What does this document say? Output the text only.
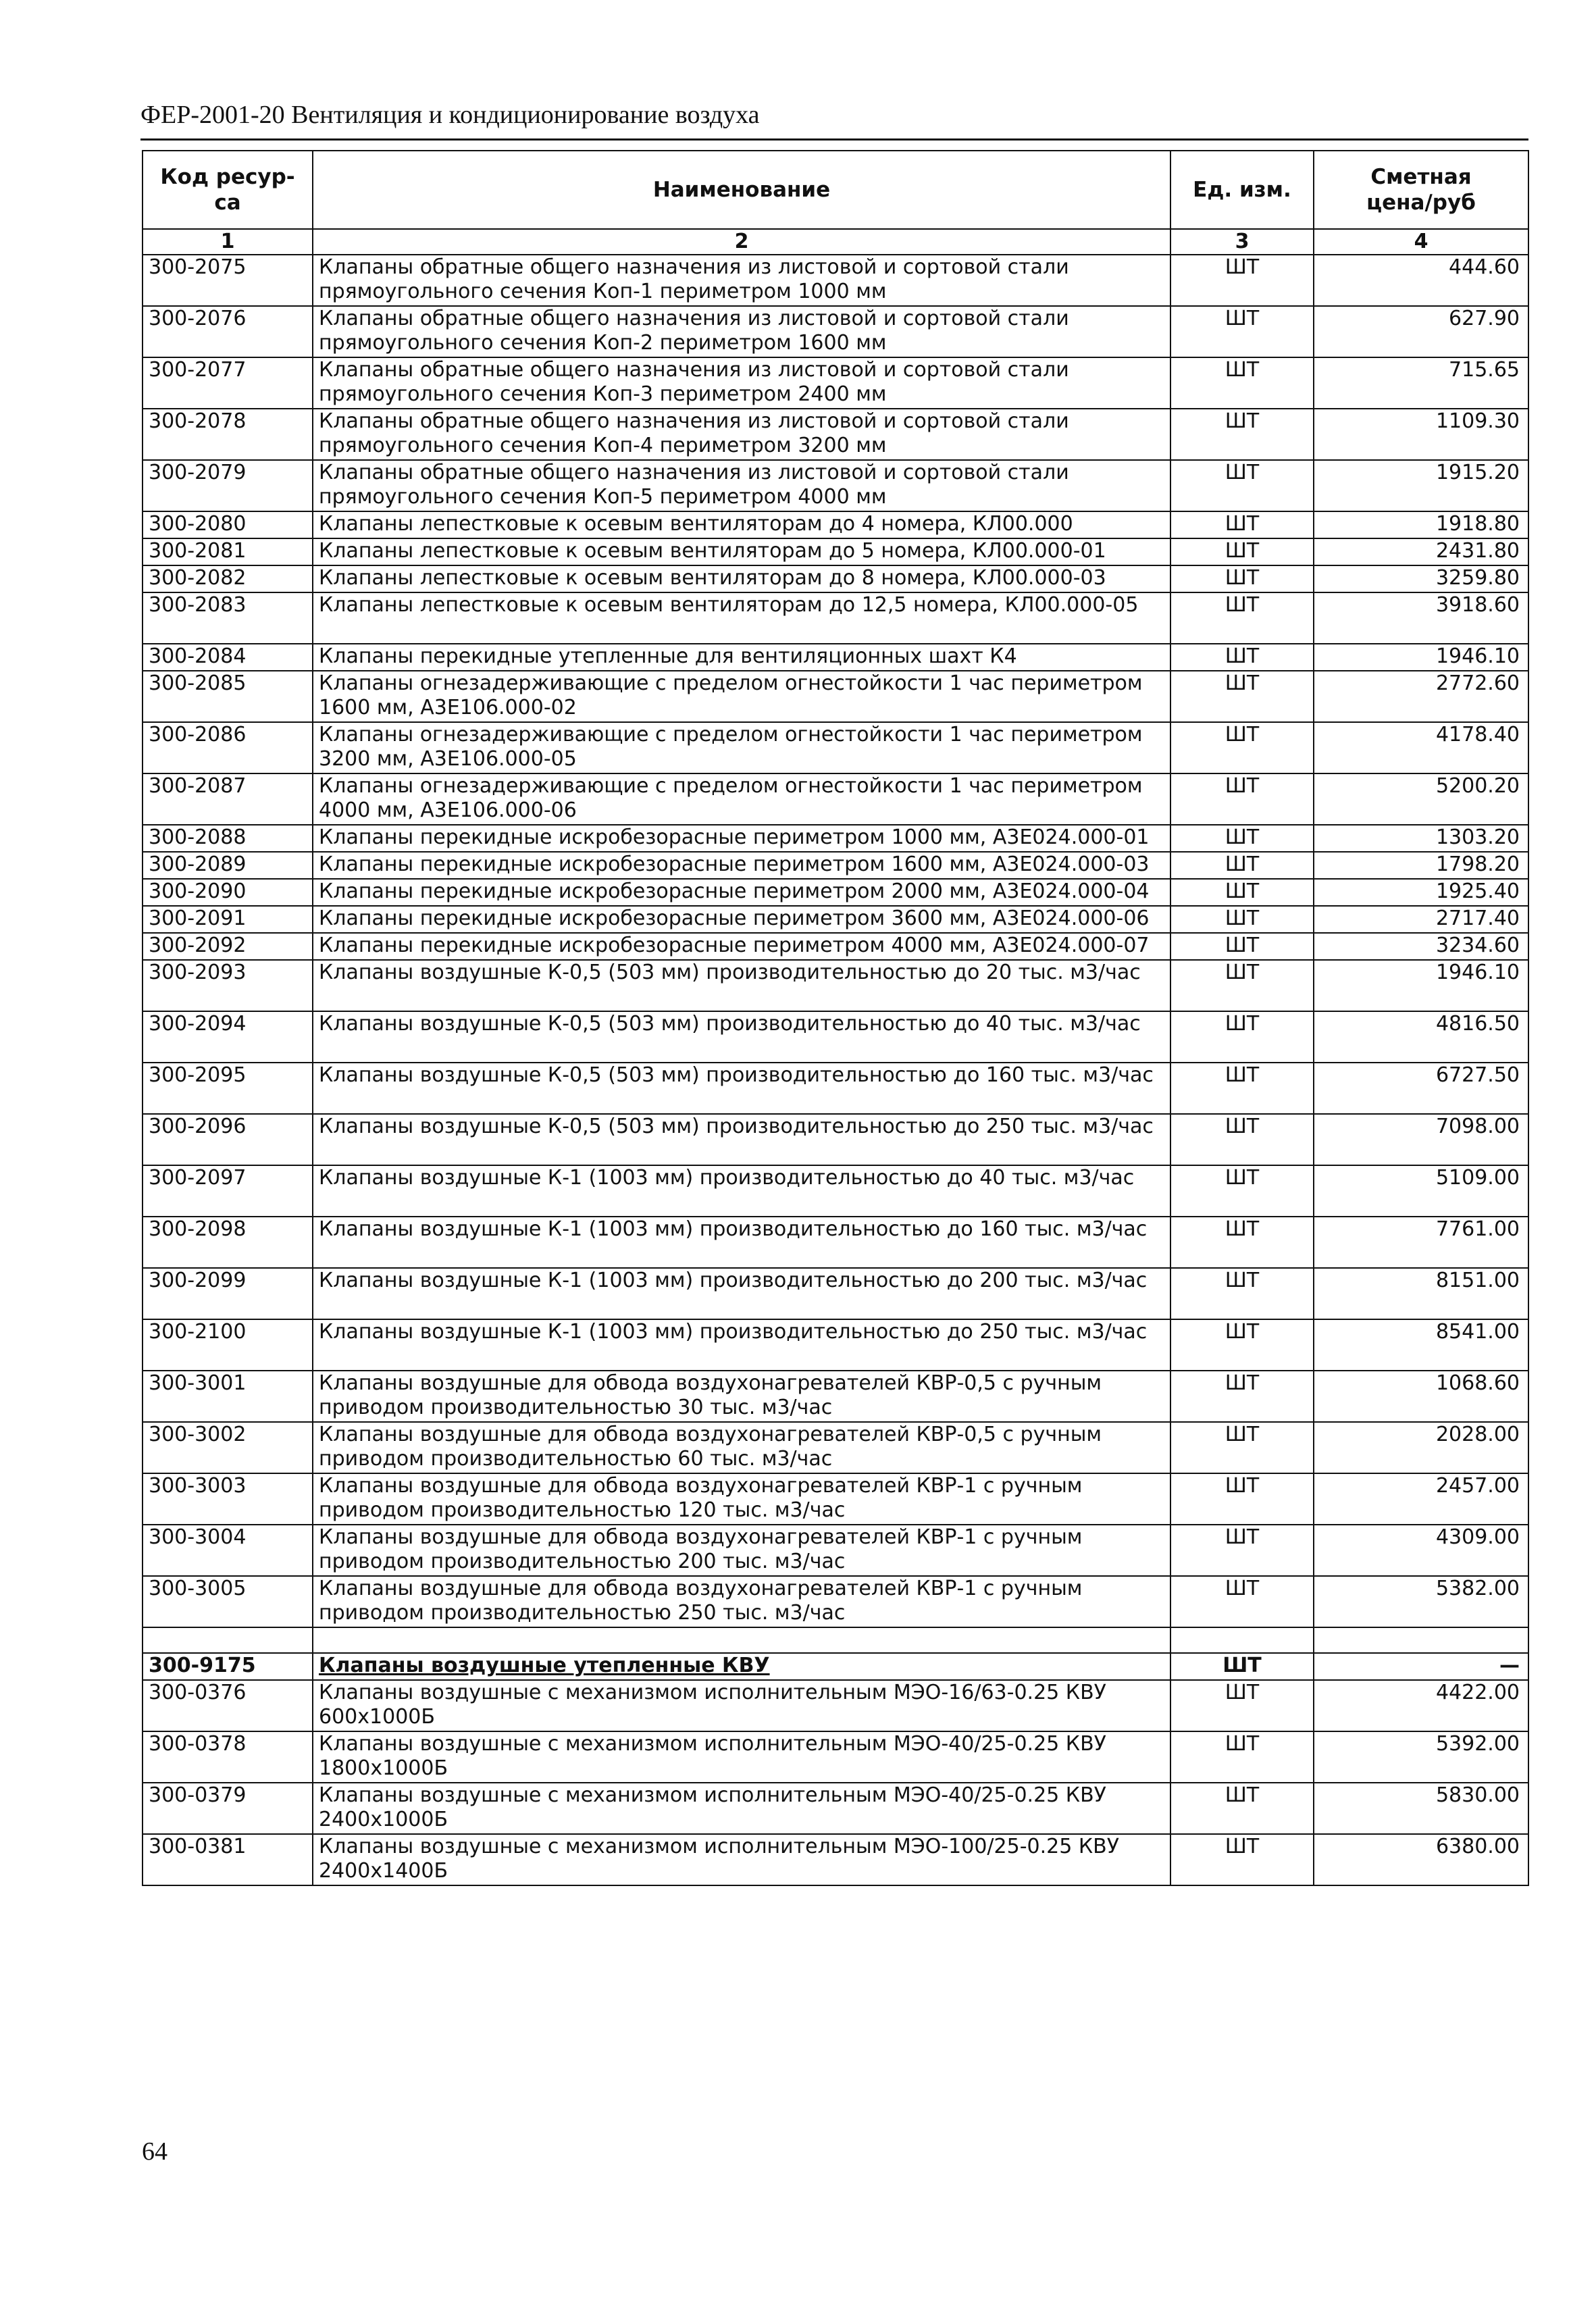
ФЕР-2001-20 Вентиляция и кондиционирование воздуха
Код ресур-
са	Наименование	Ед. изм.	Сметная
цена/руб
1	2	3	4
300-2075	Клапаны обратные общего назначения из листовой и сортовой стали прямоугольного сечения Коп-1 периметром 1000 мм	ШТ	444.60
300-2076	Клапаны обратные общего назначения из листовой и сортовой стали прямоугольного сечения Коп-2 периметром 1600 мм	ШТ	627.90
300-2077	Клапаны обратные общего назначения из листовой и сортовой стали прямоугольного сечения Коп-3 периметром 2400 мм	ШТ	715.65
300-2078	Клапаны обратные общего назначения из листовой и сортовой стали прямоугольного сечения Коп-4 периметром 3200 мм	ШТ	1109.30
300-2079	Клапаны обратные общего назначения из листовой и сортовой стали прямоугольного сечения Коп-5 периметром 4000 мм	ШТ	1915.20
300-2080	Клапаны лепестковые к осевым вентиляторам до 4 номера, КЛ00.000	ШТ	1918.80
300-2081	Клапаны лепестковые к осевым вентиляторам до 5 номера, КЛ00.000-01	ШТ	2431.80
300-2082	Клапаны лепестковые к осевым вентиляторам до 8 номера, КЛ00.000-03	ШТ	3259.80
300-2083	Клапаны лепестковые к осевым вентиляторам до 12,5 номера, КЛ00.000-05	ШТ	3918.60
300-2084	Клапаны перекидные утепленные для вентиляционных шахт К4	ШТ	1946.10
300-2085	Клапаны огнезадерживающие с пределом огнестойкости 1 час периметром 1600 мм, А3Е106.000-02	ШТ	2772.60
300-2086	Клапаны огнезадерживающие с пределом огнестойкости 1 час периметром 3200 мм, А3Е106.000-05	ШТ	4178.40
300-2087	Клапаны огнезадерживающие с пределом огнестойкости 1 час периметром 4000 мм, А3Е106.000-06	ШТ	5200.20
300-2088	Клапаны перекидные искробезорасные периметром 1000 мм, А3Е024.000-01	ШТ	1303.20
300-2089	Клапаны перекидные искробезорасные периметром 1600 мм, А3Е024.000-03	ШТ	1798.20
300-2090	Клапаны перекидные искробезорасные периметром 2000 мм, А3Е024.000-04	ШТ	1925.40
300-2091	Клапаны перекидные искробезорасные периметром 3600 мм, А3Е024.000-06	ШТ	2717.40
300-2092	Клапаны перекидные искробезорасные периметром 4000 мм, А3Е024.000-07	ШТ	3234.60
300-2093	Клапаны воздушные К-0,5 (503 мм) производительностью до 20 тыс. м3/час	ШТ	1946.10
300-2094	Клапаны воздушные К-0,5 (503 мм) производительностью до 40 тыс. м3/час	ШТ	4816.50
300-2095	Клапаны воздушные К-0,5 (503 мм) производительностью до 160 тыс. м3/час	ШТ	6727.50
300-2096	Клапаны воздушные К-0,5 (503 мм) производительностью до 250 тыс. м3/час	ШТ	7098.00
300-2097	Клапаны воздушные К-1 (1003 мм) производительностью до 40 тыс. м3/час	ШТ	5109.00
300-2098	Клапаны воздушные К-1 (1003 мм) производительностью до 160 тыс. м3/час	ШТ	7761.00
300-2099	Клапаны воздушные К-1 (1003 мм) производительностью до 200 тыс. м3/час	ШТ	8151.00
300-2100	Клапаны воздушные К-1 (1003 мм) производительностью до 250 тыс. м3/час	ШТ	8541.00
300-3001	Клапаны воздушные для обвода воздухонагревателей КВР-0,5 с ручным приводом производительностью 30 тыс. м3/час	ШТ	1068.60
300-3002	Клапаны воздушные для обвода воздухонагревателей КВР-0,5 с ручным приводом производительностью 60 тыс. м3/час	ШТ	2028.00
300-3003	Клапаны воздушные для обвода воздухонагревателей КВР-1 с ручным приводом производительностью 120 тыс. м3/час	ШТ	2457.00
300-3004	Клапаны воздушные для обвода воздухонагревателей КВР-1 с ручным приводом производительностью 200 тыс. м3/час	ШТ	4309.00
300-3005	Клапаны воздушные для обвода воздухонагревателей КВР-1 с ручным приводом производительностью 250 тыс. м3/час	ШТ	5382.00

300-9175	Клапаны воздушные утепленные КВУ	ШТ	—
300-0376	Клапаны воздушные с механизмом исполнительным МЭО-16/63-0.25 КВУ 600х1000Б	ШТ	4422.00
300-0378	Клапаны воздушные с механизмом исполнительным МЭО-40/25-0.25 КВУ 1800х1000Б	ШТ	5392.00
300-0379	Клапаны воздушные с механизмом исполнительным МЭО-40/25-0.25 КВУ 2400х1000Б	ШТ	5830.00
300-0381	Клапаны воздушные с механизмом исполнительным МЭО-100/25-0.25 КВУ 2400х1400Б	ШТ	6380.00
64
